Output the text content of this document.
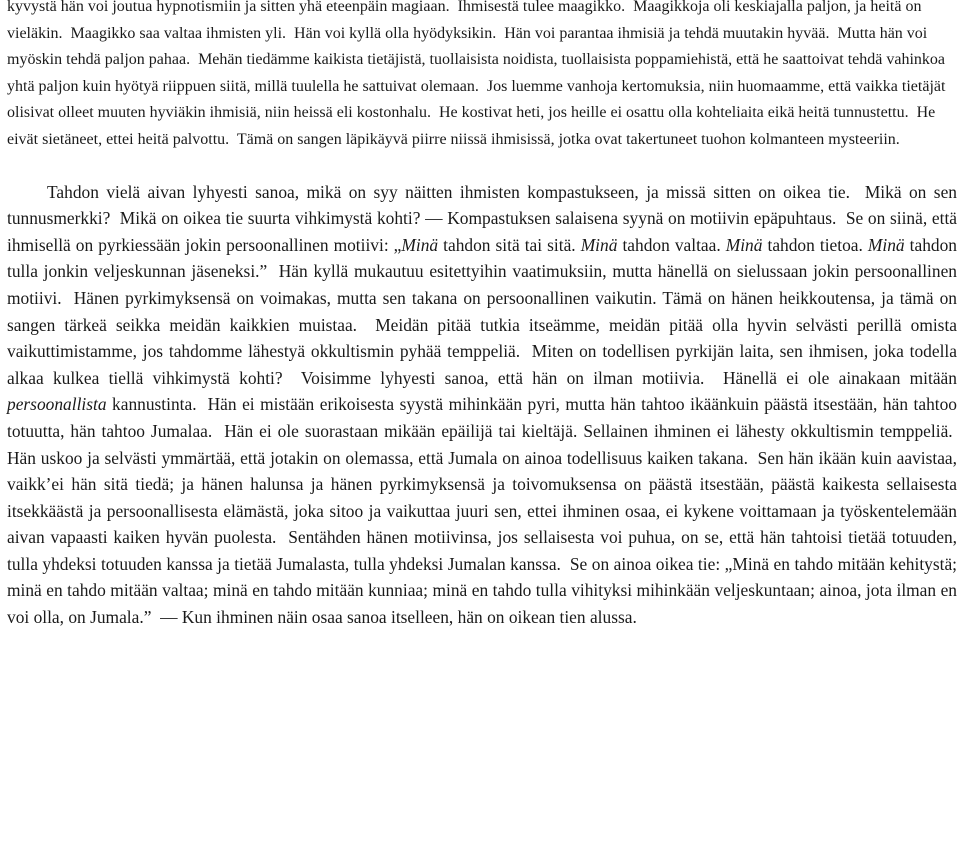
kyvystä hän voi joutua hypnotismiin ja sitten yhä eteenpäin magiaan. Ihmisestä tulee maagikko. Maagikkoja oli keskiajalla paljon, ja heitä on vieläkin. Maagikko saa valtaa ihmisten yli. Hän voi kyllä olla hyödyksikin. Hän voi parantaa ihmisiä ja tehdä muutakin hyvää. Mutta hän voi myöskin tehdä paljon pahaa. Mehän tiedämme kaikista tietäjistä, tuollaisista noidista, tuollaisista poppamiehistä, että he saattoivat tehdä vahinkoa yhtä paljon kuin hyötyä riippuen siitä, millä tuulella he sattuivat olemaan. Jos luemme vanhoja kertomuksia, niin huomaamme, että vaikka tietäjät olisivat olleet muuten hyviäkin ihmisiä, niin heissä eli kostonhalu. He kostivat heti, jos heille ei osattu olla kohteliaita eikä heitä tunnustettu. He eivät sietäneet, ettei heitä palvottu. Tämä on sangen läpikäyvä piirre niissä ihmisissä, jotka ovat takertuneet tuohon kolmanteen mysteeriin.

Tahdon vielä aivan lyhyesti sanoa, mikä on syy näitten ihmisten kompastukseen, ja missä sitten on oikea tie. Mikä on sen tunnusmerkki? Mikä on oikea tie suurta vihkimystä kohti? — Kompastuksen salaisena syynä on motiivin epäpuhtaus. Se on siinä, että ihmisellä on pyrkiessään jokin persoonallinen motiivi: „Minä tahdon sitä tai sitä. Minä tahdon valtaa. Minä tahdon tietoa. Minä tahdon tulla jonkin veljeskunnan jäseneksi.” Hän kyllä mukautuu esitettyihin vaatimuksiin, mutta hänellä on sielussaan jokin persoonallinen motiivi. Hänen pyrkimyksensä on voimakas, mutta sen takana on persoonallinen vaikutin. Tämä on hänen heikkoutensa, ja tämä on sangen tärkeä seikka meidän kaikkien muistaa. Meidän pitää tutkia itseämme, meidän pitää olla hyvin selvästi perillä omista vaikuttimistamme, jos tahdomme lähestyä okkultismin pyhää temppeliä. Miten on todellisen pyrkijän laita, sen ihmisen, joka todella alkaa kulkea tiellä vihkimystä kohti? Voisimme lyhyesti sanoa, että hän on ilman motiivia. Hänellä ei ole ainakaan mitään persoonallista kannustinta. Hän ei mistään erikoisesta syystä mihinkään pyri, mutta hän tahtoo ikäänkuin päästä itsestään, hän tahtoo totuutta, hän tahtoo Jumalaa. Hän ei ole suorastaan mikään epäilijä tai kieltäjä. Sellainen ihminen ei lähesty okkultismin temppeliä.  Hän uskoo ja selvästi ymmärtää, että jotakin on olemassa, että Jumala on ainoa todellisuus kaiken takana. Sen hän ikään kuin aavistaa, vaikk’ei hän sitä tiedä; ja hänen halunsa ja hänen pyrkimyksensä ja toivomuksensa on päästä itsestään, päästä kaikesta sellaisesta itsekkäästä ja persoonallisesta elämästä, joka sitoo ja vaikuttaa juuri sen, ettei ihminen osaa, ei kykene voittamaan ja työskentelemään aivan vapaasti kaiken hyvän puolesta. Sentähden hänen motiivinsa, jos sellaisesta voi puhua, on se, että hän tahtoisi tietää totuuden, tulla yhdeksi totuuden kanssa ja tietää Jumalasta, tulla yhdeksi Jumalan kanssa. Se on ainoa oikea tie: „Minä en tahdo mitään kehitystä; minä en tahdo mitään valtaa; minä en tahdo mitään kunniaa; minä en tahdo tulla vihityksi mihinkään veljeskuntaan; ainoa, jota ilman en voi olla, on Jumala.” — Kun ihminen näin osaa sanoa itselleen, hän on oikean tien alussa.
